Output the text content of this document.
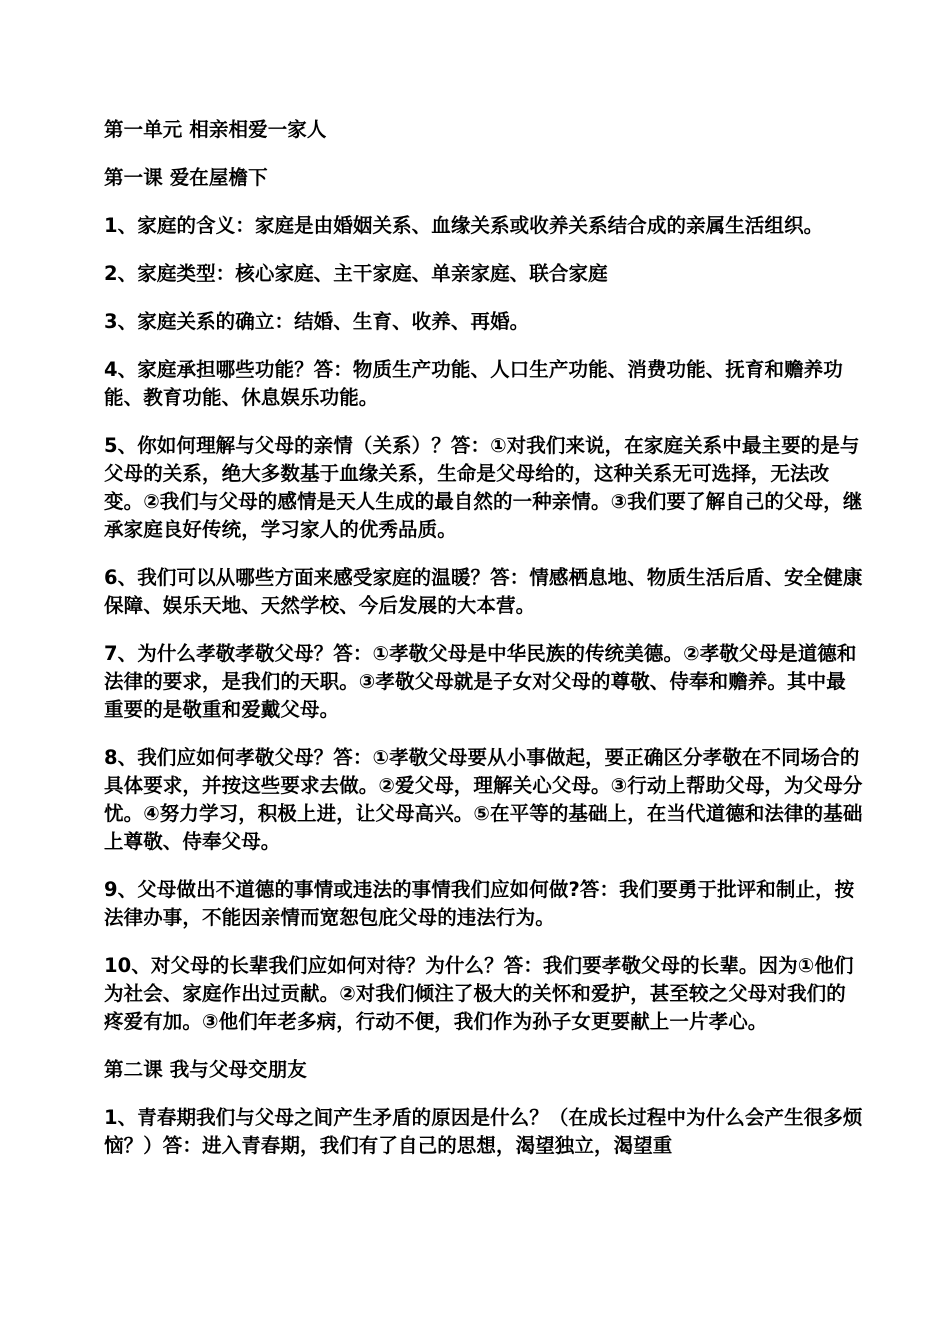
第一单元 相亲相爱一家人
第一课 爱在屋檐下
1、家庭的含义：家庭是由婚姻关系、血缘关系或收养关系结合成的亲属生活组织。
2、家庭类型：核心家庭、主干家庭、单亲家庭、联合家庭
3、家庭关系的确立：结婚、生育、收养、再婚。
4、家庭承担哪些功能？答：物质生产功能、人口生产功能、消费功能、抚育和赡养功能、教育功能、休息娱乐功能。
5、你如何理解与父母的亲情（关系）？答：①对我们来说，在家庭关系中最主要的是与父母的关系，绝大多数基于血缘关系，生命是父母给的，这种关系无可选择，无法改变。②我们与父母的感情是天人生成的最自然的一种亲情。③我们要了解自己的父母，继承家庭良好传统，学习家人的优秀品质。
6、我们可以从哪些方面来感受家庭的温暖？答：情感栖息地、物质生活后盾、安全健康保障、娱乐天地、天然学校、今后发展的大本营。
7、为什么孝敬孝敬父母？答：①孝敬父母是中华民族的传统美德。②孝敬父母是道德和法律的要求，是我们的天职。③孝敬父母就是子女对父母的尊敬、侍奉和赡养。其中最重要的是敬重和爱戴父母。
8、我们应如何孝敬父母？答：①孝敬父母要从小事做起，要正确区分孝敬在不同场合的具体要求，并按这些要求去做。②爱父母，理解关心父母。③行动上帮助父母，为父母分忧。④努力学习，积极上进，让父母高兴。⑤在平等的基础上，在当代道德和法律的基础上尊敬、侍奉父母。
9、父母做出不道德的事情或违法的事情我们应如何做?答：我们要勇于批评和制止，按法律办事，不能因亲情而宽恕包庇父母的违法行为。
10、对父母的长辈我们应如何对待？为什么？答：我们要孝敬父母的长辈。因为①他们为社会、家庭作出过贡献。②对我们倾注了极大的关怀和爱护，甚至较之父母对我们的疼爱有加。③他们年老多病，行动不便，我们作为孙子女更要献上一片孝心。
第二课 我与父母交朋友
1、青春期我们与父母之间产生矛盾的原因是什么？（在成长过程中为什么会产生很多烦恼？）答：进入青春期，我们有了自己的思想，渴望独立，渴望重
